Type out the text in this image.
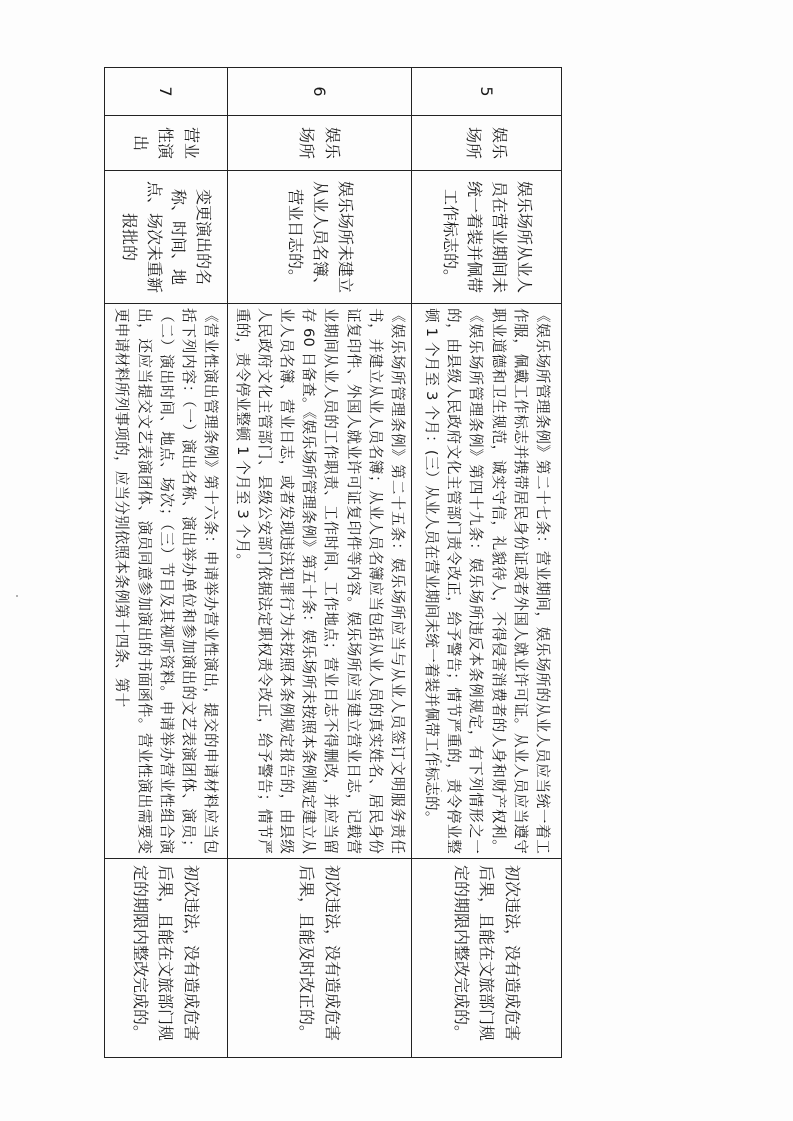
5	娱乐场所	娱乐场所从业人员在营业期间未统一着装并佩带工作标志的。	《娱乐场所管理条例》第二十七条：营业期间，娱乐场所的从业人员应当统一着工作服，佩戴工作标志并携带居民身份证或者外国人就业许可证。从业人员应当遵守职业道德和卫生规范，诚实守信，礼貌待人，不得侵害消费者的人身和财产权利。《娱乐场所管理条例》第四十九条：娱乐场所违反本条例规定，有下列情形之一的，由县级人民政府文化主管部门责令改正，给予警告；情节严重的，责令停业整顿 1 个月至 3 个月：(三）从业人员在营业期间未统一着装并佩带工作标志的。	初次违法，没有造成危害后果，且能在文旅部门规定的期限内整改完成的。
6	娱乐场所	娱乐场所未建立从业人员名簿、营业日志的。	《娱乐场所管理条例》第二十五条：娱乐场所应当与从业人员签订文明服务责任书，并建立从业人员名簿；从业人员名簿应当包括从业人员的真实姓名、居民身份证复印件、外国人就业许可证复印件等内容。娱乐场所应当建立营业日志，记载营业期间从业人员的工作职责、工作时间、工作地点；营业日志不得删改，并应当留存 60 日备查。《娱乐场所管理条例》第五十条：娱乐场所未按照本条例规定建立从业人员名簿、营业日志，或者发现违法犯罪行为未按照本条例规定报告的，由县级人民政府文化主管部门、县级公安部门依据法定职权责令改正，给予警告；情节严重的，责令停业整顿 1 个月至 3 个月。	初次违法，没有造成危害后果，且能及时改正的。
7	营业性演出	变更演出的名称、时间、地点、场次未重新报批的	《营业性演出管理条例》第十六条：申请举办营业性演出，提交的申请材料应当包括下列内容：（一）演出名称、演出举办单位和参加演出的文艺表演团体、演员；（二）演出时间、地点、场次；（三）节目及其视听资料。申请举办营业性组合演出，还应当提交文艺表演团体、演员同意参加演出的书面函件。营业性演出需要变更申请材料所列事项的，应当分别依照本条例第十四条、第十	初次违法，没有造成危害后果，且能在文旅部门规定的期限内整改完成的。
